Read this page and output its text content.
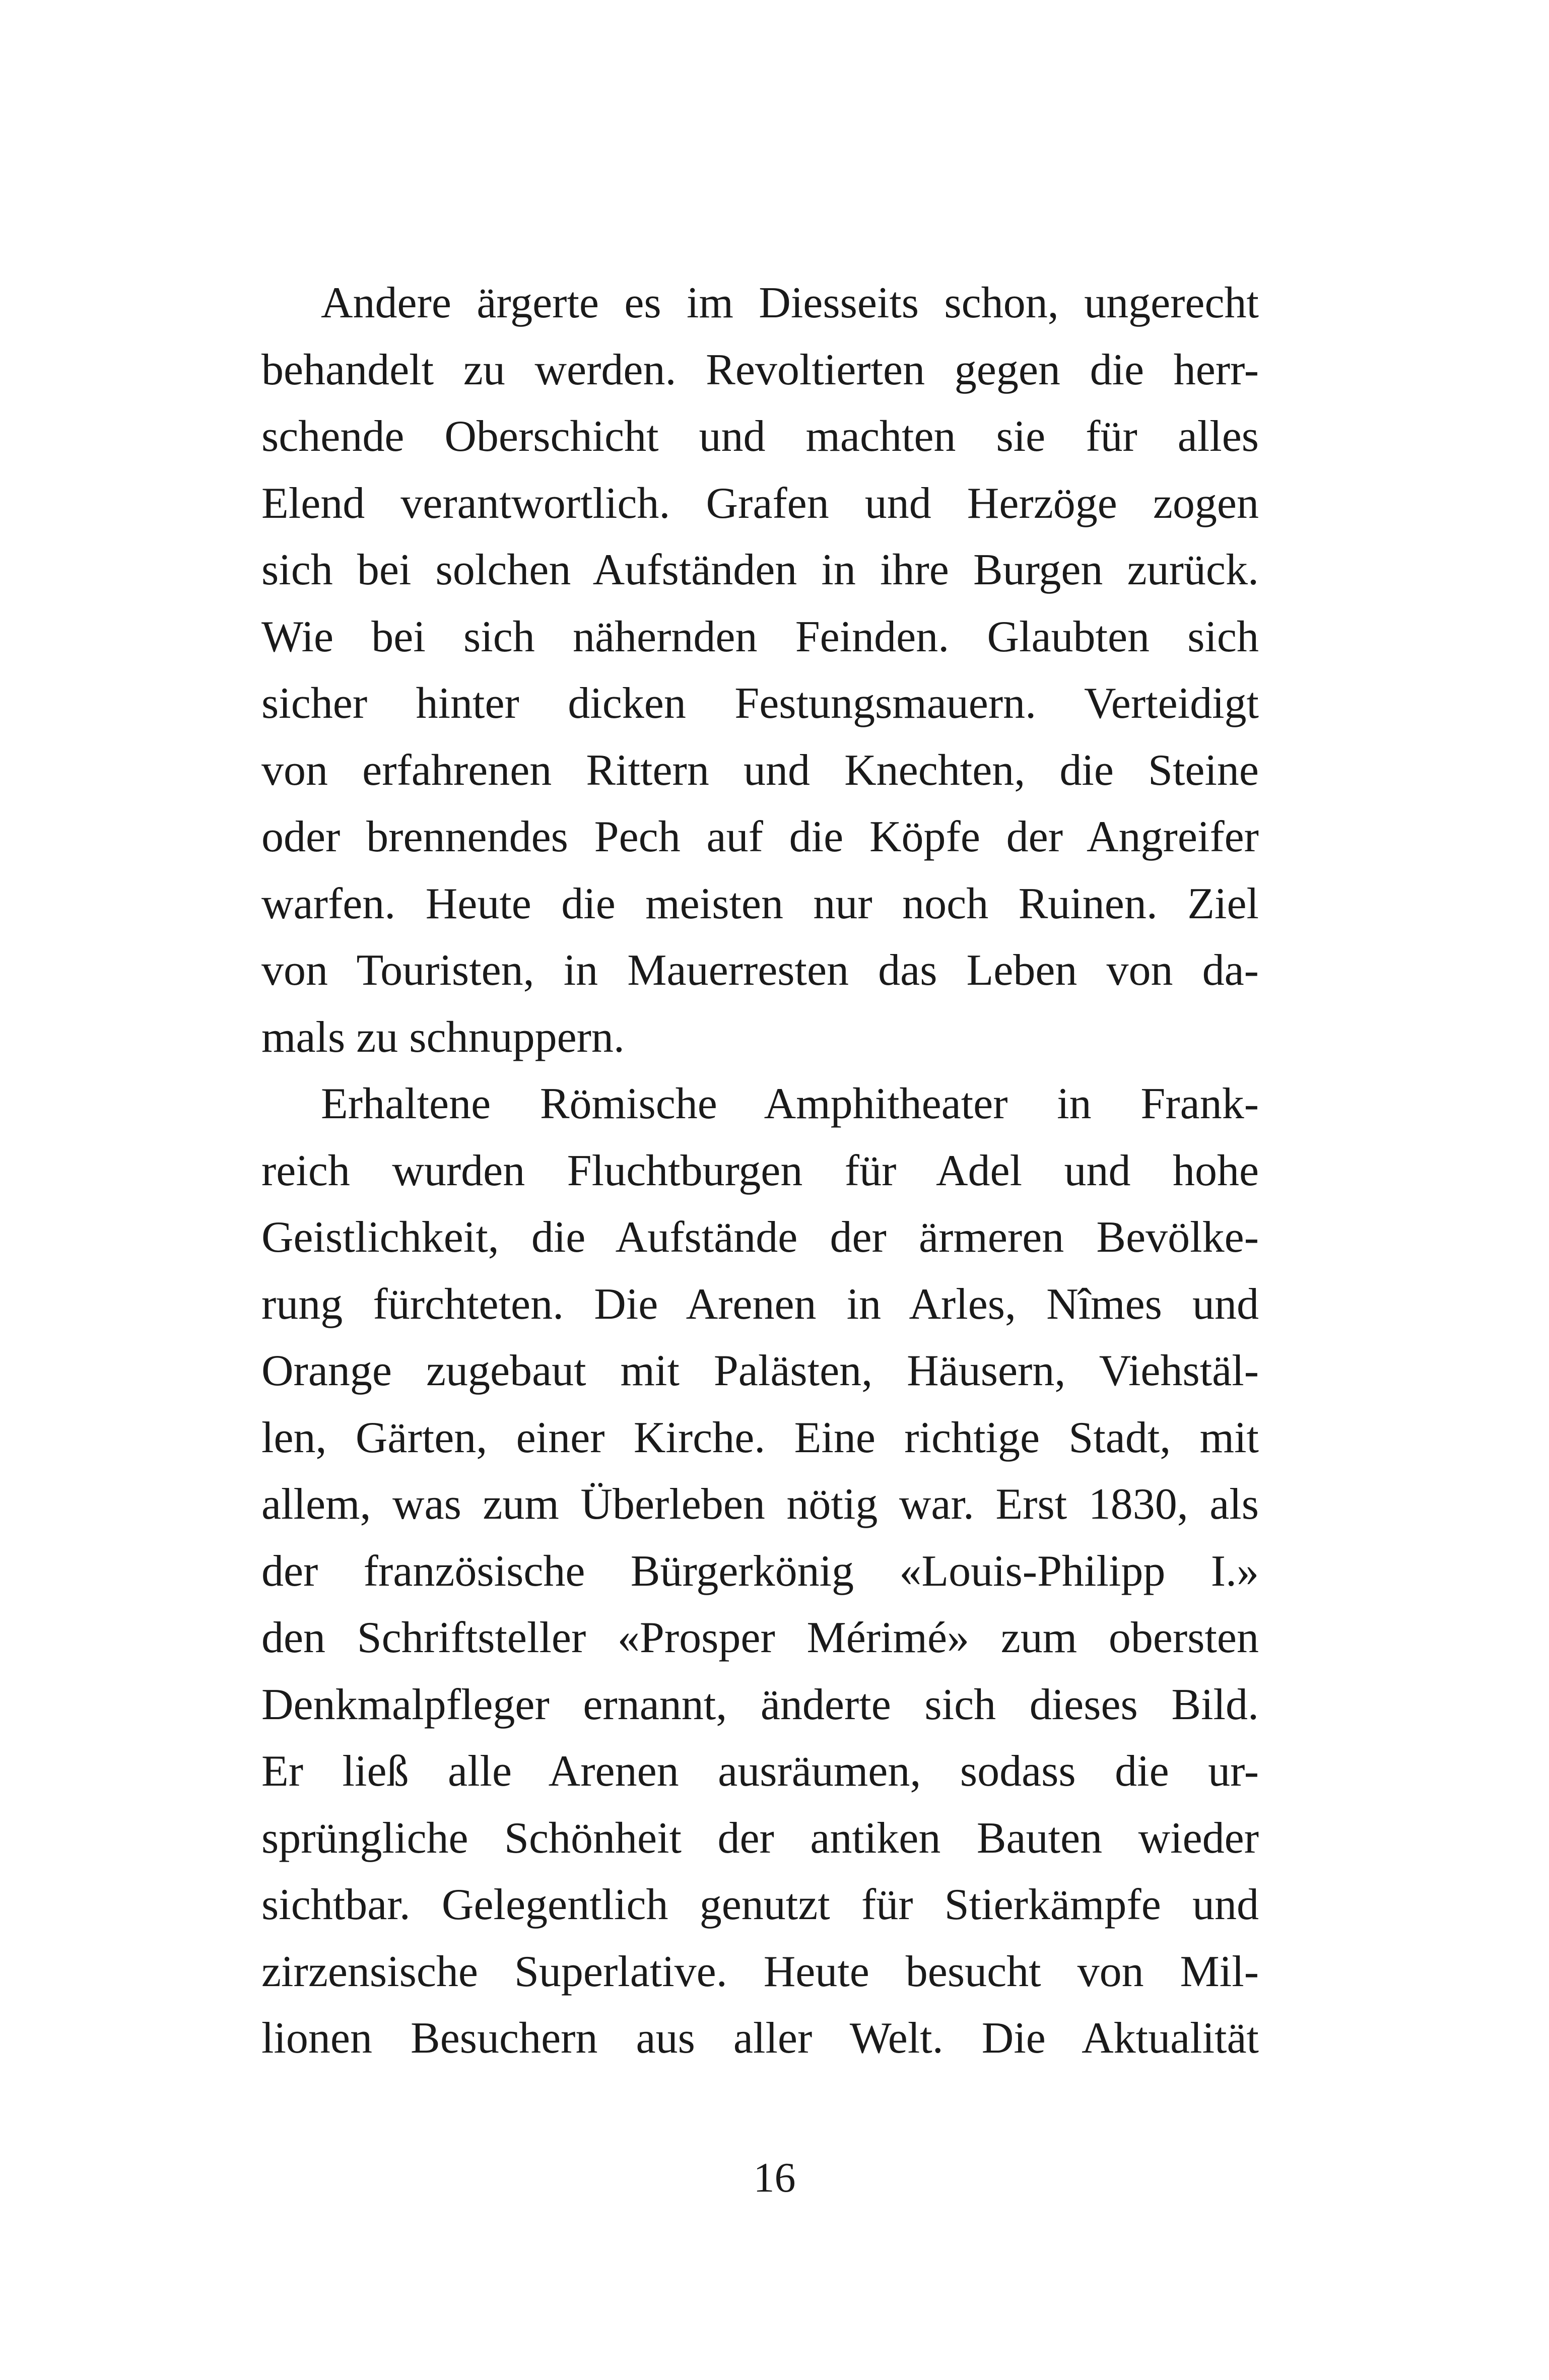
Andere ärgerte es im Diesseits schon, ungerecht
behandelt zu werden. Revoltierten gegen die herr-
schende Oberschicht und machten sie für alles
Elend verantwortlich. Grafen und Herzöge zogen
sich bei solchen Aufständen in ihre Burgen zurück.
Wie bei sich nähernden Feinden. Glaubten sich
sicher hinter dicken Festungsmauern. Verteidigt
von erfahrenen Rittern und Knechten, die Steine
oder brennendes Pech auf die Köpfe der Angreifer
warfen. Heute die meisten nur noch Ruinen. Ziel
von Touristen, in Mauerresten das Leben von da-
mals zu schnuppern.
Erhaltene Römische Amphitheater in Frank-
reich wurden Fluchtburgen für Adel und hohe
Geistlichkeit, die Aufstände der ärmeren Bevölke-
rung fürchteten. Die Arenen in Arles, Nîmes und
Orange zugebaut mit Palästen, Häusern, Viehstäl-
len, Gärten, einer Kirche. Eine richtige Stadt, mit
allem, was zum Überleben nötig war. Erst 1830, als
der französische Bürgerkönig «Louis-Philipp I.»
den Schriftsteller «Prosper Mérimé» zum obersten
Denkmalpfleger ernannt, änderte sich dieses Bild.
Er ließ alle Arenen ausräumen, sodass die ur-
sprüngliche Schönheit der antiken Bauten wieder
sichtbar. Gelegentlich genutzt für Stierkämpfe und
zirzensische Superlative. Heute besucht von Mil-
lionen Besuchern aus aller Welt. Die Aktualität
16
